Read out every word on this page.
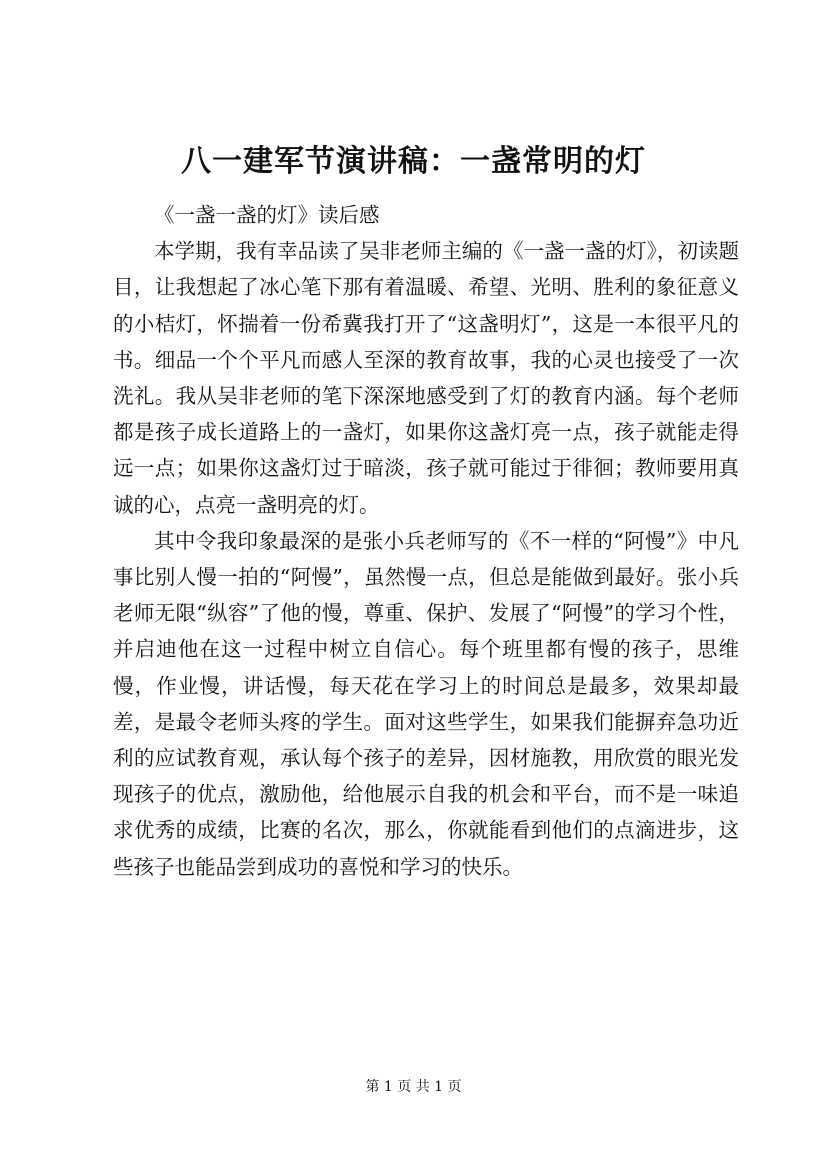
八一建军节演讲稿：一盏常明的灯

《一盏一盏的灯》读后感

本学期，我有幸品读了吴非老师主编的《一盏一盏的灯》，初读题目，让我想起了冰心笔下那有着温暖、希望、光明、胜利的象征意义的小桔灯，怀揣着一份希冀我打开了“这盏明灯”，这是一本很平凡的书。细品一个个平凡而感人至深的教育故事，我的心灵也接受了一次洗礼。我从吴非老师的笔下深深地感受到了灯的教育内涵。每个老师都是孩子成长道路上的一盏灯，如果你这盏灯亮一点，孩子就能走得远一点；如果你这盏灯过于暗淡，孩子就可能过于徘徊；教师要用真诚的心，点亮一盏明亮的灯。

其中令我印象最深的是张小兵老师写的《不一样的“阿慢”》中凡事比别人慢一拍的“阿慢”，虽然慢一点，但总是能做到最好。张小兵老师无限“纵容”了他的慢，尊重、保护、发展了“阿慢”的学习个性，并启迪他在这一过程中树立自信心。每个班里都有慢的孩子，思维慢，作业慢，讲话慢，每天花在学习上的时间总是最多，效果却最差，是最令老师头疼的学生。面对这些学生，如果我们能摒弃急功近利的应试教育观，承认每个孩子的差异，因材施教，用欣赏的眼光发现孩子的优点，激励他，给他展示自我的机会和平台，而不是一味追求优秀的成绩，比赛的名次，那么，你就能看到他们的点滴进步，这些孩子也能品尝到成功的喜悦和学习的快乐。

第 1 页 共 1 页
